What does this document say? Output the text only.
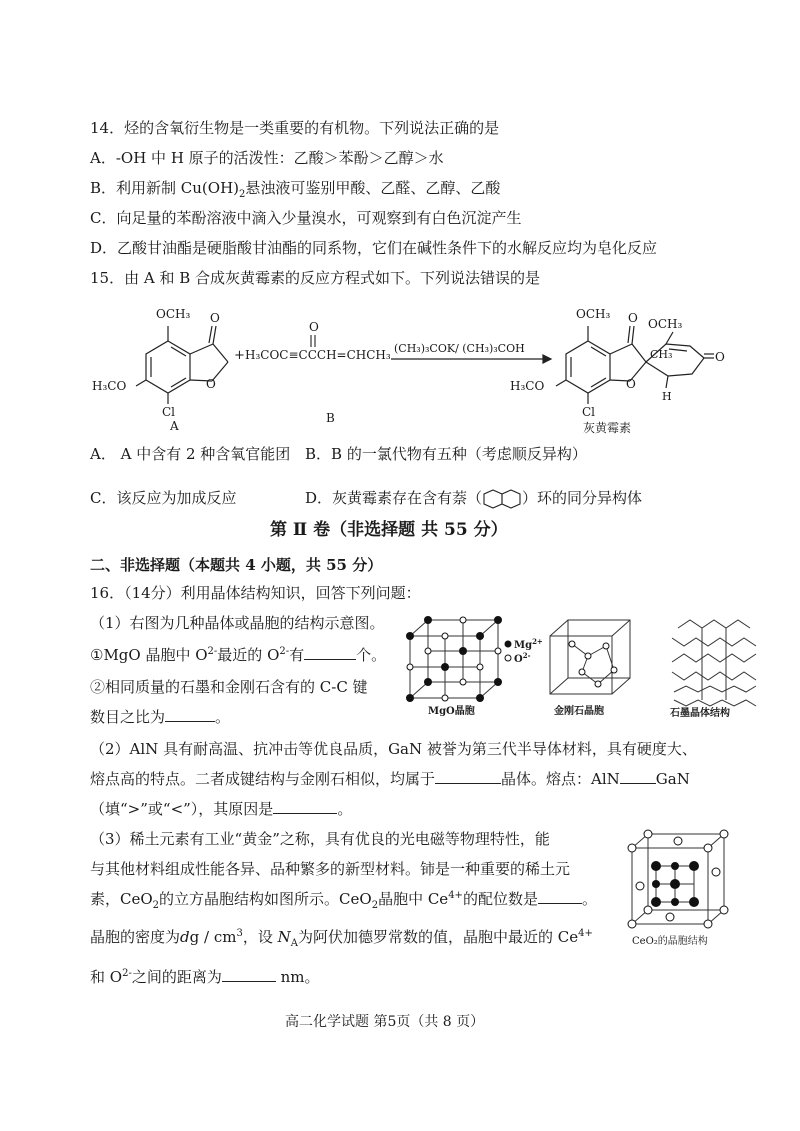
14．烃的含氧衍生物是一类重要的有机物。下列说法正确的是
A．-OH 中 H 原子的活泼性：乙酸＞苯酚＞乙醇＞水
B．利用新制 $Cu(OH)_2$悬浊液可鉴别甲酸、乙醛、乙醇、乙酸
C．向足量的苯酚溶液中滴入少量溴水，可观察到有白色沉淀产生
D．乙酸甘油酯是硬脂酸甘油酯的同系物，它们在碱性条件下的水解反应均为皂化反应
15．由 A 和 B 合成灰黄霉素的反应方程式如下。下列说法错误的是
OCH₃ O
O
H₃CO
Cl
A
+ H₃COC≡CCCH=CHCH₃
O
B
(CH₃)₃COK/ (CH₃)₃COH
OCH₃ O OCH₃
CH₃	O
O
H₃CO
Cl
H
灰黄霉素
A． A 中含有 2 种含氧官能团 B．B 的一氯代物有五种（考虑顺反异构）
C．该反应为加成反应	D．灰黄霉素存在含有萘（	）环的同分异构体
第 Ⅱ 卷（非选择题 共 55 分）
二、非选择题（本题共 4 小题，共 55 分）
16．（14分）利用晶体结构知识，回答下列问题：
（1）右图为几种晶体或晶胞的结构示意图。
①MgO 晶胞中 $O^{2-}$最近的 $O^{2-}$有	个。
②相同质量的石墨和金刚石含有的 C-C 键
数目之比为	。
$Mg^{2+}$
$O^{2-}$
MgO晶胞	金刚石晶胞	石墨晶体结构
（2）AlN 具有耐高温、抗冲击等优良品质，GaN 被誉为第三代半导体材料，具有硬度大、
熔点高的特点。二者成键结构与金刚石相似，均属于	晶体。熔点：AlN GaN
（填“>”或“<”），其原因是	。
（3）稀土元素有工业“黄金”之称，具有优良的光电磁等物理特性，能
与其他材料组成性能各异、品种繁多的新型材料。铈是一种重要的稀土元
素，CeO$_2$的立方晶胞结构如图所示。CeO$_2$晶胞中 $Ce^{4+}$的配位数是	。
晶胞的密度为dg / $cm^3$，设 $N_A$为阿伏加德罗常数的值，晶胞中最近的 $Ce^{4+}$
和 $O^{2-}$之间的距离为	nm。
CeO₂的晶胞结构
高二化学试题 第5页（共 8 页）
